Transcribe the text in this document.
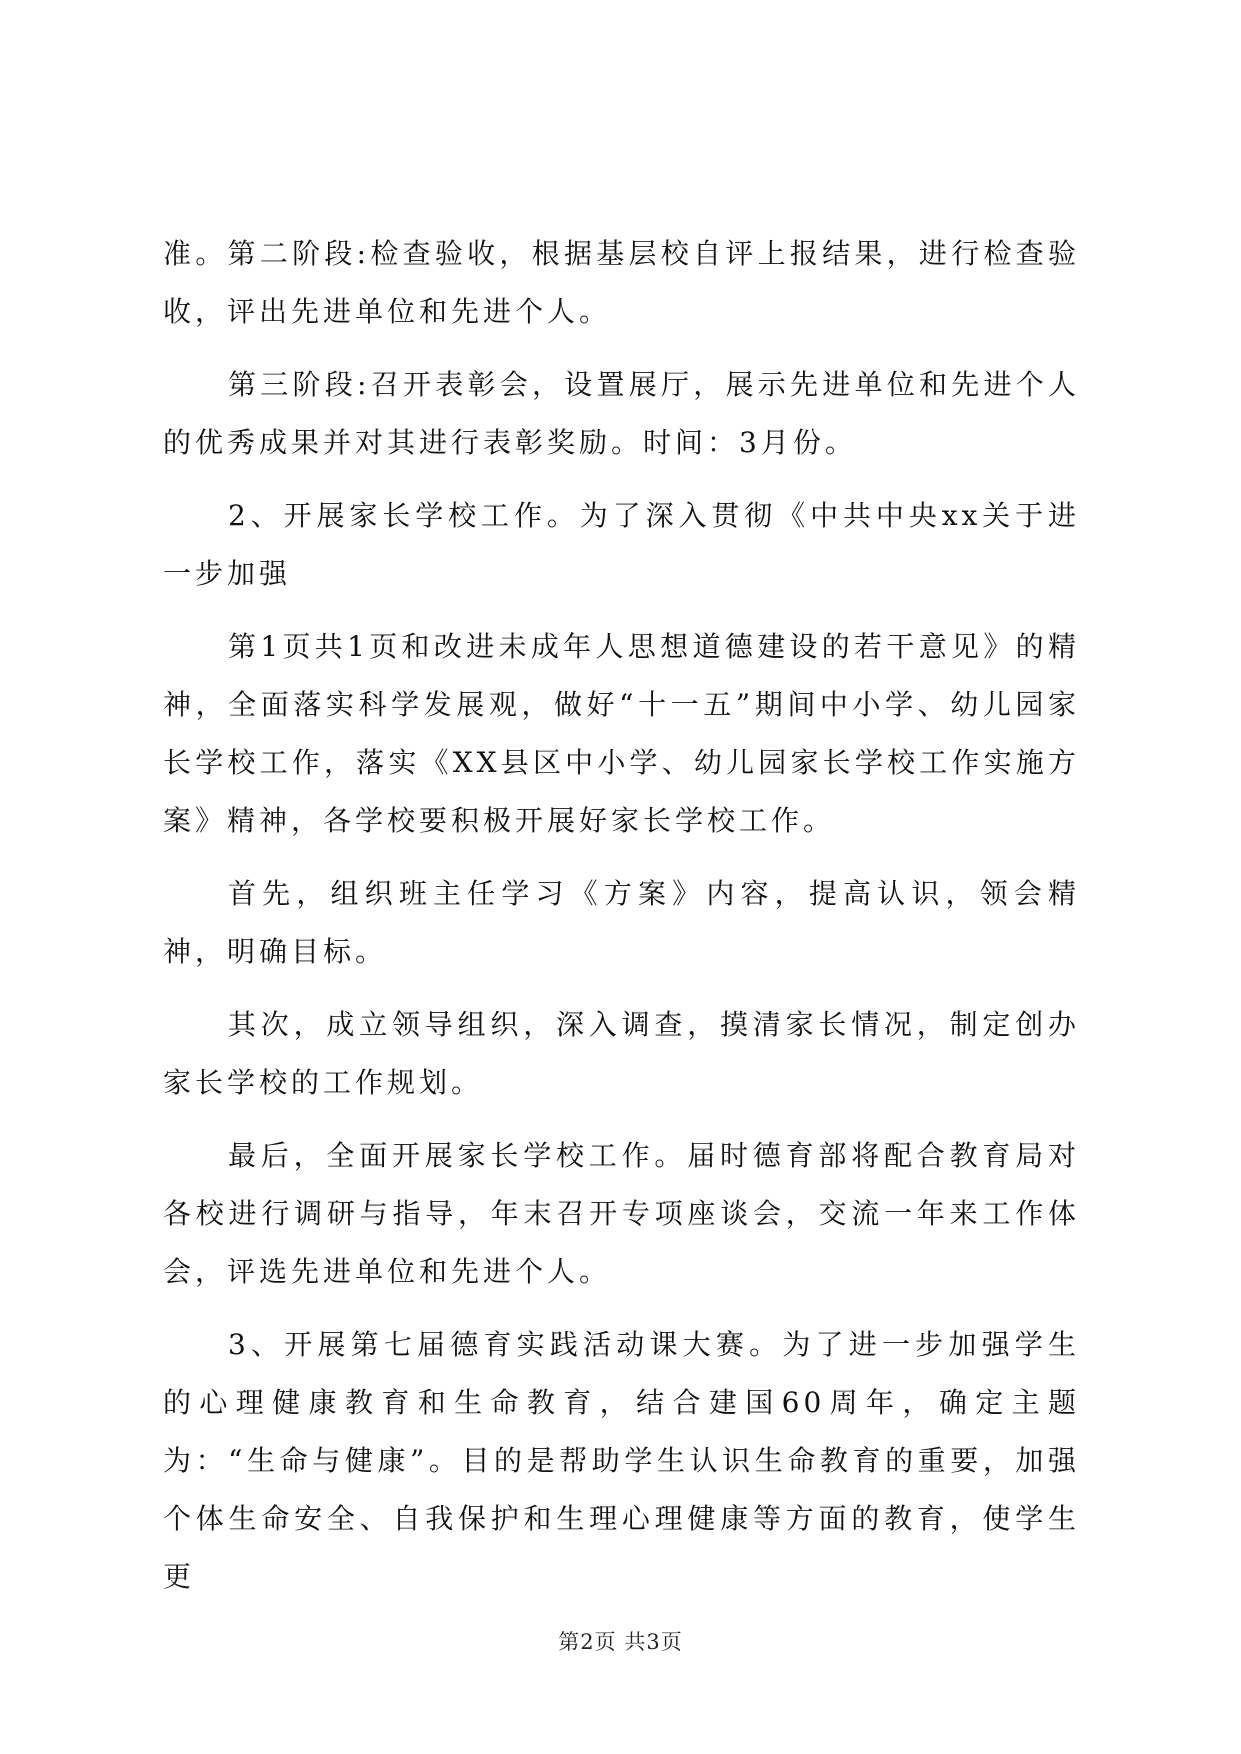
准。第二阶段:检查验收，根据基层校自评上报结果，进行检查验收，评出先进单位和先进个人。

第三阶段:召开表彰会，设置展厅，展示先进单位和先进个人的优秀成果并对其进行表彰奖励。时间：3月份。

2、开展家长学校工作。为了深入贯彻《中共中央xx关于进一步加强

第1页共1页和改进未成年人思想道德建设的若干意见》的精神，全面落实科学发展观，做好“十一五”期间中小学、幼儿园家长学校工作，落实《XX县区中小学、幼儿园家长学校工作实施方案》精神，各学校要积极开展好家长学校工作。

首先，组织班主任学习《方案》内容，提高认识，领会精神，明确目标。

其次，成立领导组织，深入调查，摸清家长情况，制定创办家长学校的工作规划。

最后，全面开展家长学校工作。届时德育部将配合教育局对各校进行调研与指导，年末召开专项座谈会，交流一年来工作体会，评选先进单位和先进个人。

3、开展第七届德育实践活动课大赛。为了进一步加强学生的心理健康教育和生命教育，结合建国60周年，确定主题为：“生命与健康”。目的是帮助学生认识生命教育的重要，加强个体生命安全、自我保护和生理心理健康等方面的教育，使学生更

第2页 共3页
